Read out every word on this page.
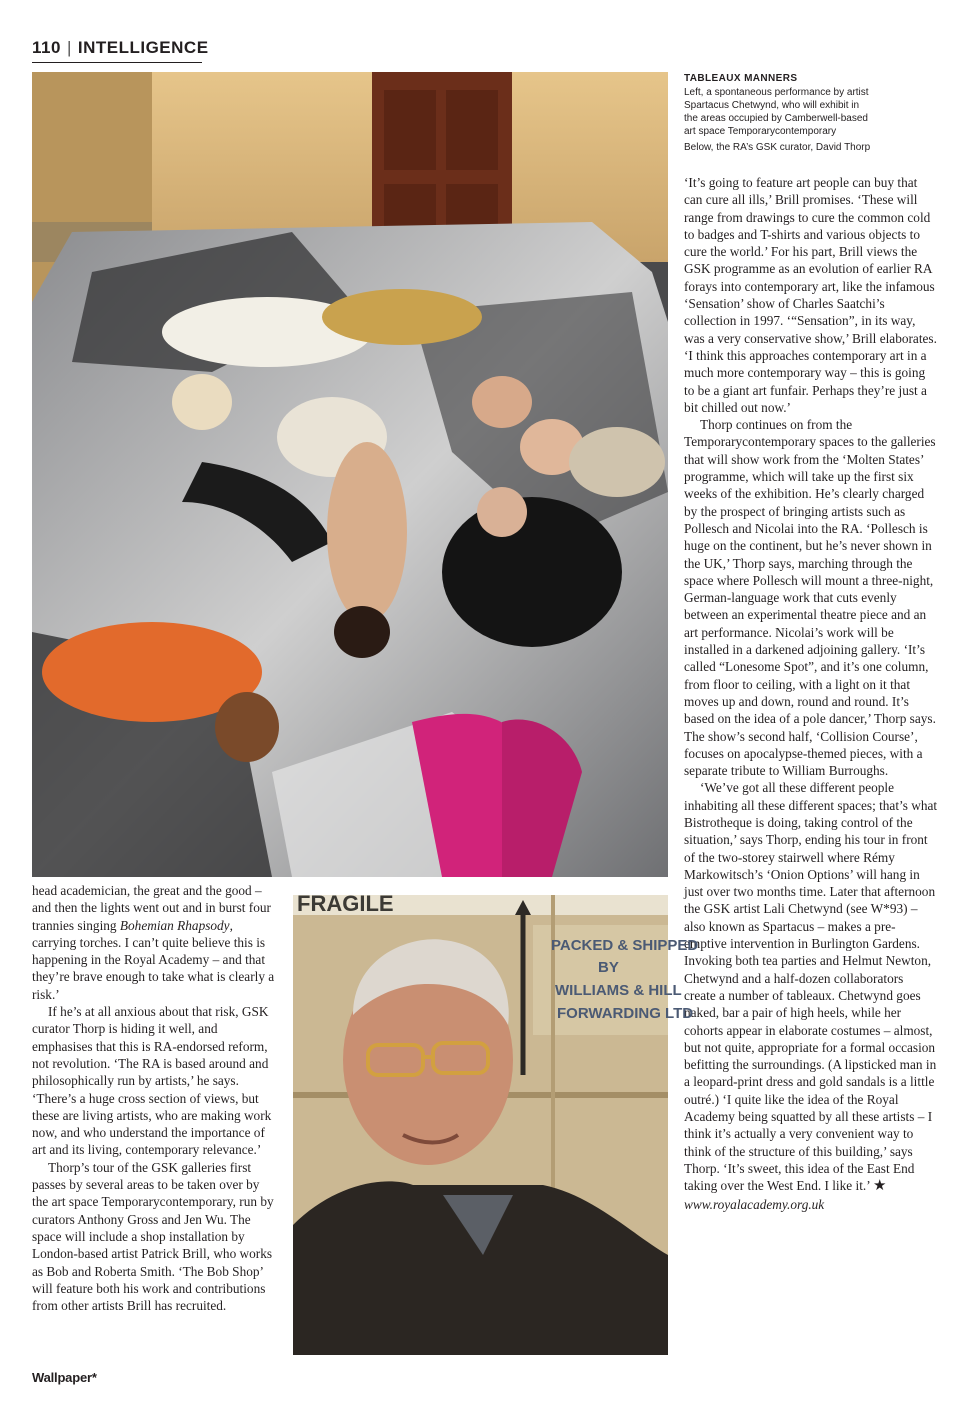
110 | INTELLIGENCE
TABLEAUX MANNERS

Left, a spontaneous performance by artist

Spartacus Chetwynd, who will exhibit in

the areas occupied by Camberwell-based

art space Temporarycontemporary

Below, the RA’s GSK curator, David Thorp

‘It’s going to feature art people can buy that can cure all ills,’ Brill promises. ‘These will range from drawings to cure the common cold to badges and T-shirts and various objects to cure the world.’ For his part, Brill views the GSK programme as an evolution of earlier RA forays into contemporary art, like the infamous ‘Sensation’ show of Charles Saatchi’s collection in 1997. ‘“Sensation”, in its way, was a very conservative show,’ Brill elaborates. ‘I think this approaches contemporary art in a much more contemporary way – this is going to be a giant art funfair. Perhaps they’re just a bit chilled out now.’

Thorp continues on from the Temporarycontemporary spaces to the galleries that will show work from the ‘Molten States’ programme, which will take up the first six weeks of the exhibition. He’s clearly charged by the prospect of bringing artists such as Pollesch and Nicolai into the RA. ‘Pollesch is huge on the continent, but he’s never shown in the UK,’ Thorp says, marching through the space where Pollesch will mount a three-night, German-language work that cuts evenly between an experimental theatre piece and an art performance. Nicolai’s work will be installed in a darkened adjoining gallery. ‘It’s called “Lonesome Spot”, and it’s one column, from floor to ceiling, with a light on it that moves up and down, round and round. It’s based on the idea of a pole dancer,’ Thorp says. The show’s second half, ‘Collision Course’, focuses on apocalypse-themed pieces, with a separate tribute to William Burroughs.

‘We’ve got all these different people inhabiting all these different spaces; that’s what Bistrotheque is doing, taking control of the situation,’ says Thorp, ending his tour in front of the two-storey stairwell where Rémy Markowitsch’s ‘Onion Options’ will hang in just over two months time. Later that afternoon the GSK artist Lali Chetwynd (see W*93) – also known as Spartacus – makes a pre-emptive intervention in Burlington Gardens. Invoking both tea parties and Helmut Newton, Chetwynd and a half-dozen collaborators create a number of tableaux. Chetwynd goes naked, bar a pair of high heels, while her cohorts appear in elaborate costumes – almost, but not quite, appropriate for a formal occasion befitting the surroundings. (A lipsticked man in a leopard-print dress and gold sandals is a little outré.) ‘I quite like the idea of the Royal Academy being squatted by all these artists – I think it’s actually a very convenient way to think of the structure of this building,’ says Thorp. ‘It’s sweet, this idea of the East End taking over the West End. I like it.’ ★

www.royalacademy.org.uk

head academician, the great and the good – and then the lights went out and in burst four trannies singing Bohemian Rhapsody, carrying torches. I can’t quite believe this is happening in the Royal Academy – and that they’re brave enough to take what is clearly a risk.’

If he’s at all anxious about that risk, GSK curator Thorp is hiding it well, and emphasises that this is RA-endorsed reform, not revolution. ‘The RA is based around and philosophically run by artists,’ he says. ‘There’s a huge cross section of views, but these are living artists, who are making work now, and who understand the importance of art and its living, contemporary relevance.’

Thorp’s tour of the GSK galleries first passes by several areas to be taken over by the art space Temporarycontemporary, run by curators Anthony Gross and Jen Wu. The space will include a shop installation by London-based artist Patrick Brill, who works as Bob and Roberta Smith. ‘The Bob Shop’ will feature both his work and contributions from other artists Brill has recruited.

FRAGILE
PACKED & SHIPPED
BY
WILLIAMS & HILL
FORWARDING LTD
Wallpaper*
